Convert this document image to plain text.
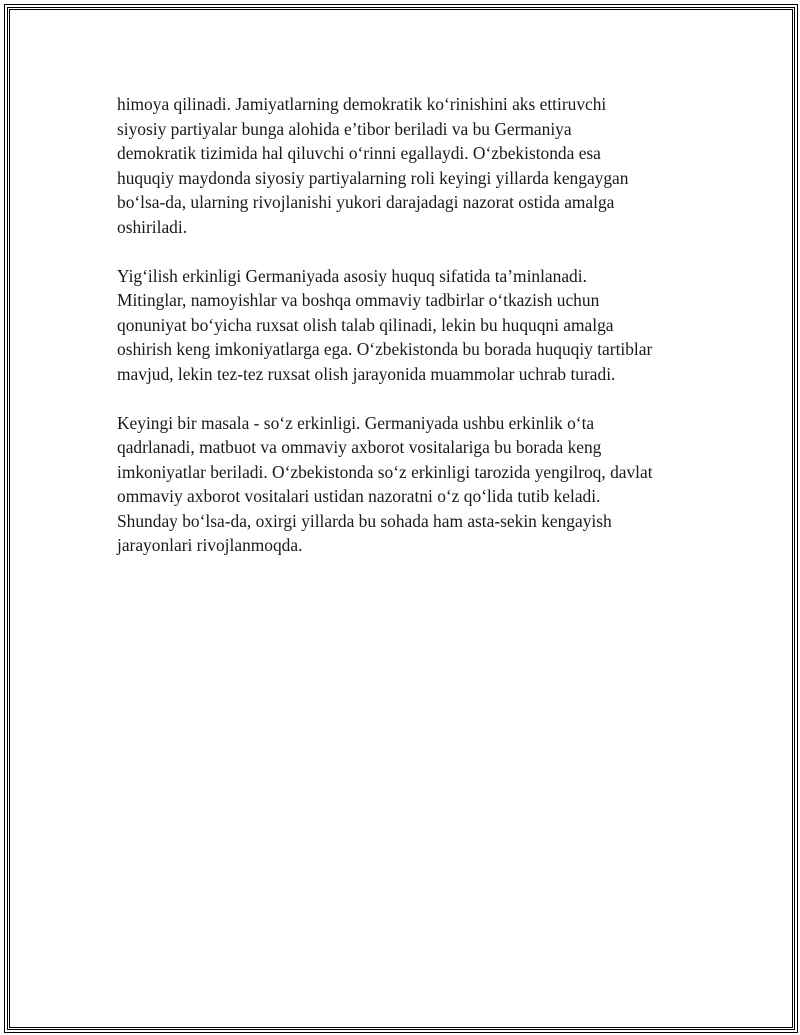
himoya qilinadi. Jamiyatlarning demokratik ko‘rinishini aks ettiruvchi
siyosiy partiyalar bunga alohida e’tibor beriladi va bu Germaniya
demokratik tizimida hal qiluvchi o‘rinni egallaydi. O‘zbekistonda esa
huquqiy maydonda siyosiy partiyalarning roli keyingi yillarda kengaygan
bo‘lsa-da, ularning rivojlanishi yukori darajadagi nazorat ostida amalga
oshiriladi.

Yig‘ilish erkinligi Germaniyada asosiy huquq sifatida ta’minlanadi.
Mitinglar, namoyishlar va boshqa ommaviy tadbirlar o‘tkazish uchun
qonuniyat bo‘yicha ruxsat olish talab qilinadi, lekin bu huquqni amalga
oshirish keng imkoniyatlarga ega. O‘zbekistonda bu borada huquqiy tartiblar
mavjud, lekin tez-tez ruxsat olish jarayonida muammolar uchrab turadi.

Keyingi bir masala - so‘z erkinligi. Germaniyada ushbu erkinlik o‘ta
qadrlanadi, matbuot va ommaviy axborot vositalariga bu borada keng
imkoniyatlar beriladi. O‘zbekistonda so‘z erkinligi tarozida yengilroq, davlat
ommaviy axborot vositalari ustidan nazoratni o‘z qo‘lida tutib keladi.
Shunday bo‘lsa-da, oxirgi yillarda bu sohada ham asta-sekin kengayish
jarayonlari rivojlanmoqda.
